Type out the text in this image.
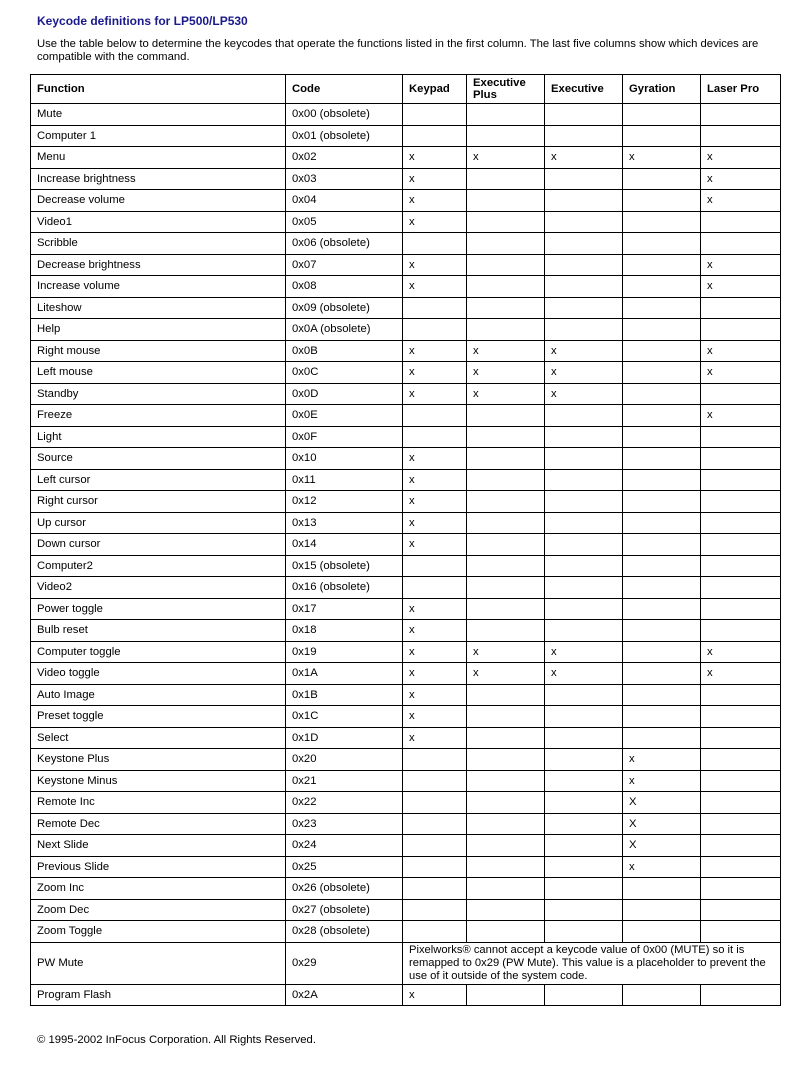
Keycode definitions for LP500/LP530
Use the table below to determine the keycodes that operate the functions listed in the first column. The last five columns show which devices are compatible with the command.
Function	Code	Keypad	Executive Plus	Executive	Gyration	Laser Pro
Mute	0x00 (obsolete)					
Computer 1	0x01 (obsolete)					
Menu	0x02	x	x	x	x	x
Increase brightness	0x03	x				x
Decrease volume	0x04	x				x
Video1	0x05	x				
Scribble	0x06 (obsolete)					
Decrease brightness	0x07	x				x
Increase volume	0x08	x				x
Liteshow	0x09 (obsolete)					
Help	0x0A (obsolete)					
Right mouse	0x0B	x	x	x		x
Left mouse	0x0C	x	x	x		x
Standby	0x0D	x	x	x		
Freeze	0x0E					x
Light	0x0F					
Source	0x10	x				
Left cursor	0x11	x				
Right cursor	0x12	x				
Up cursor	0x13	x				
Down cursor	0x14	x				
Computer2	0x15 (obsolete)					
Video2	0x16 (obsolete)					
Power toggle	0x17	x				
Bulb reset	0x18	x				
Computer toggle	0x19	x	x	x		x
Video toggle	0x1A	x	x	x		x
Auto Image	0x1B	x				
Preset toggle	0x1C	x				
Select	0x1D	x				
Keystone Plus	0x20				x	
Keystone Minus	0x21				x	
Remote Inc	0x22				X	
Remote Dec	0x23				X	
Next Slide	0x24				X	
Previous Slide	0x25				x	
Zoom Inc	0x26 (obsolete)					
Zoom Dec	0x27 (obsolete)					
Zoom Toggle	0x28 (obsolete)					
PW Mute	0x29	Pixelworks® cannot accept a keycode value of 0x00 (MUTE) so it is remapped to 0x29 (PW Mute). This value is a placeholder to prevent the use of it outside of the system code.				
Program Flash	0x2A	x				
© 1995-2002 InFocus Corporation. All Rights Reserved.
